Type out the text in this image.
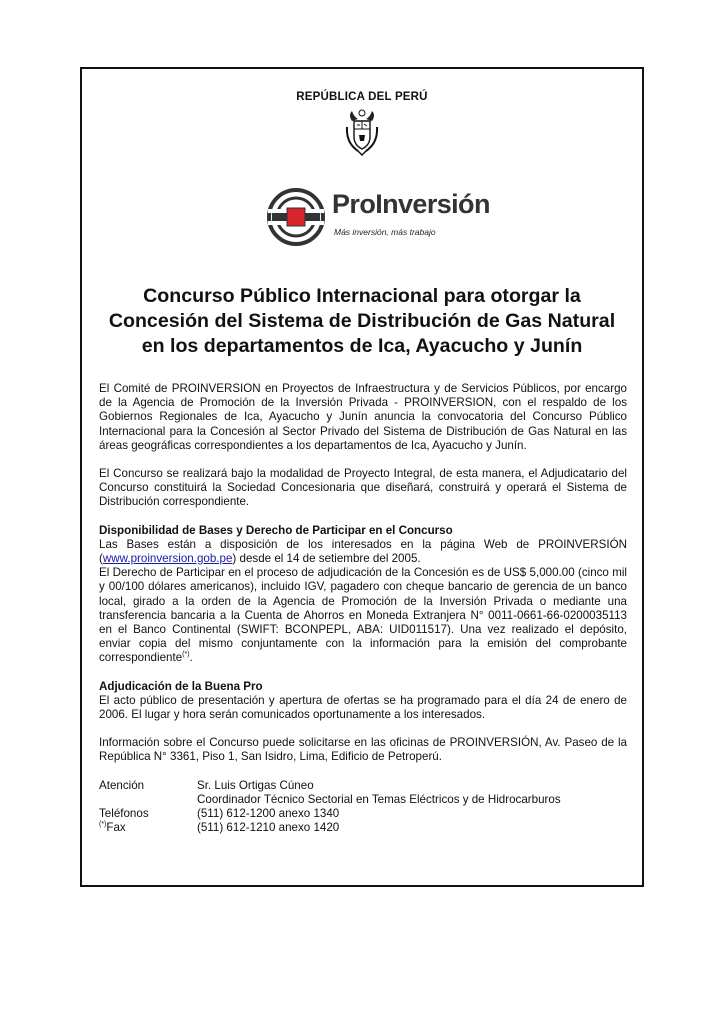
REPÚBLICA DEL PERÚ
ProInversión
Más inversión, más trabajo
Concurso Público Internacional para otorgar la
Concesión del Sistema de Distribución de Gas Natural
en los departamentos de Ica, Ayacucho y Junín

El Comité de PROINVERSION en Proyectos de Infraestructura y de Servicios Públicos, por encargo de la Agencia de Promoción de la Inversión Privada - PROINVERSION, con el respaldo de los Gobiernos Regionales de Ica, Ayacucho y Junín anuncia la convocatoria del Concurso Público Internacional para la Concesión al Sector Privado del Sistema de Distribución de Gas Natural en las áreas geográficas correspondientes a los departamentos de Ica, Ayacucho y Junín.

El Concurso se realizará bajo la modalidad de Proyecto Integral, de esta manera, el Adjudicatario del Concurso constituirá la Sociedad Concesionaria que diseñará, construirá y operará el Sistema de Distribución correspondiente.

Disponibilidad de Bases y Derecho de Participar en el Concurso
Las Bases están a disposición de los interesados en la página Web de PROINVERSIÓN (www.proinversion.gob.pe) desde el 14 de setiembre del 2005.
El Derecho de Participar en el proceso de adjudicación de la Concesión es de US$ 5,000.00 (cinco mil y 00/100 dólares americanos), incluido IGV, pagadero con cheque bancario de gerencia de un banco local, girado a la orden de la Agencia de Promoción de la Inversión Privada o mediante una transferencia bancaria a la Cuenta de Ahorros en Moneda Extranjera N° 0011-0661-66-0200035113 en el Banco Continental (SWIFT: BCONPEPL, ABA: UID011517). Una vez realizado el depósito, enviar copia del mismo conjuntamente con la información para la emisión del comprobante correspondiente(*).

Adjudicación de la Buena Pro
El acto público de presentación y apertura de ofertas se ha programado para el día 24 de enero de 2006. El lugar y hora serán comunicados oportunamente a los interesados.

Información sobre el Concurso puede solicitarse en las oficinas de PROINVERSIÓN, Av. Paseo de la República N° 3361, Piso 1, San Isidro, Lima, Edificio de Petroperú.

Atención	Sr. Luis Ortigas Cúneo
Coordinador Técnico Sectorial en Temas Eléctricos y de Hidrocarburos
Teléfonos	(511) 612-1200 anexo 1340
(*)Fax	(511) 612-1210 anexo 1420
